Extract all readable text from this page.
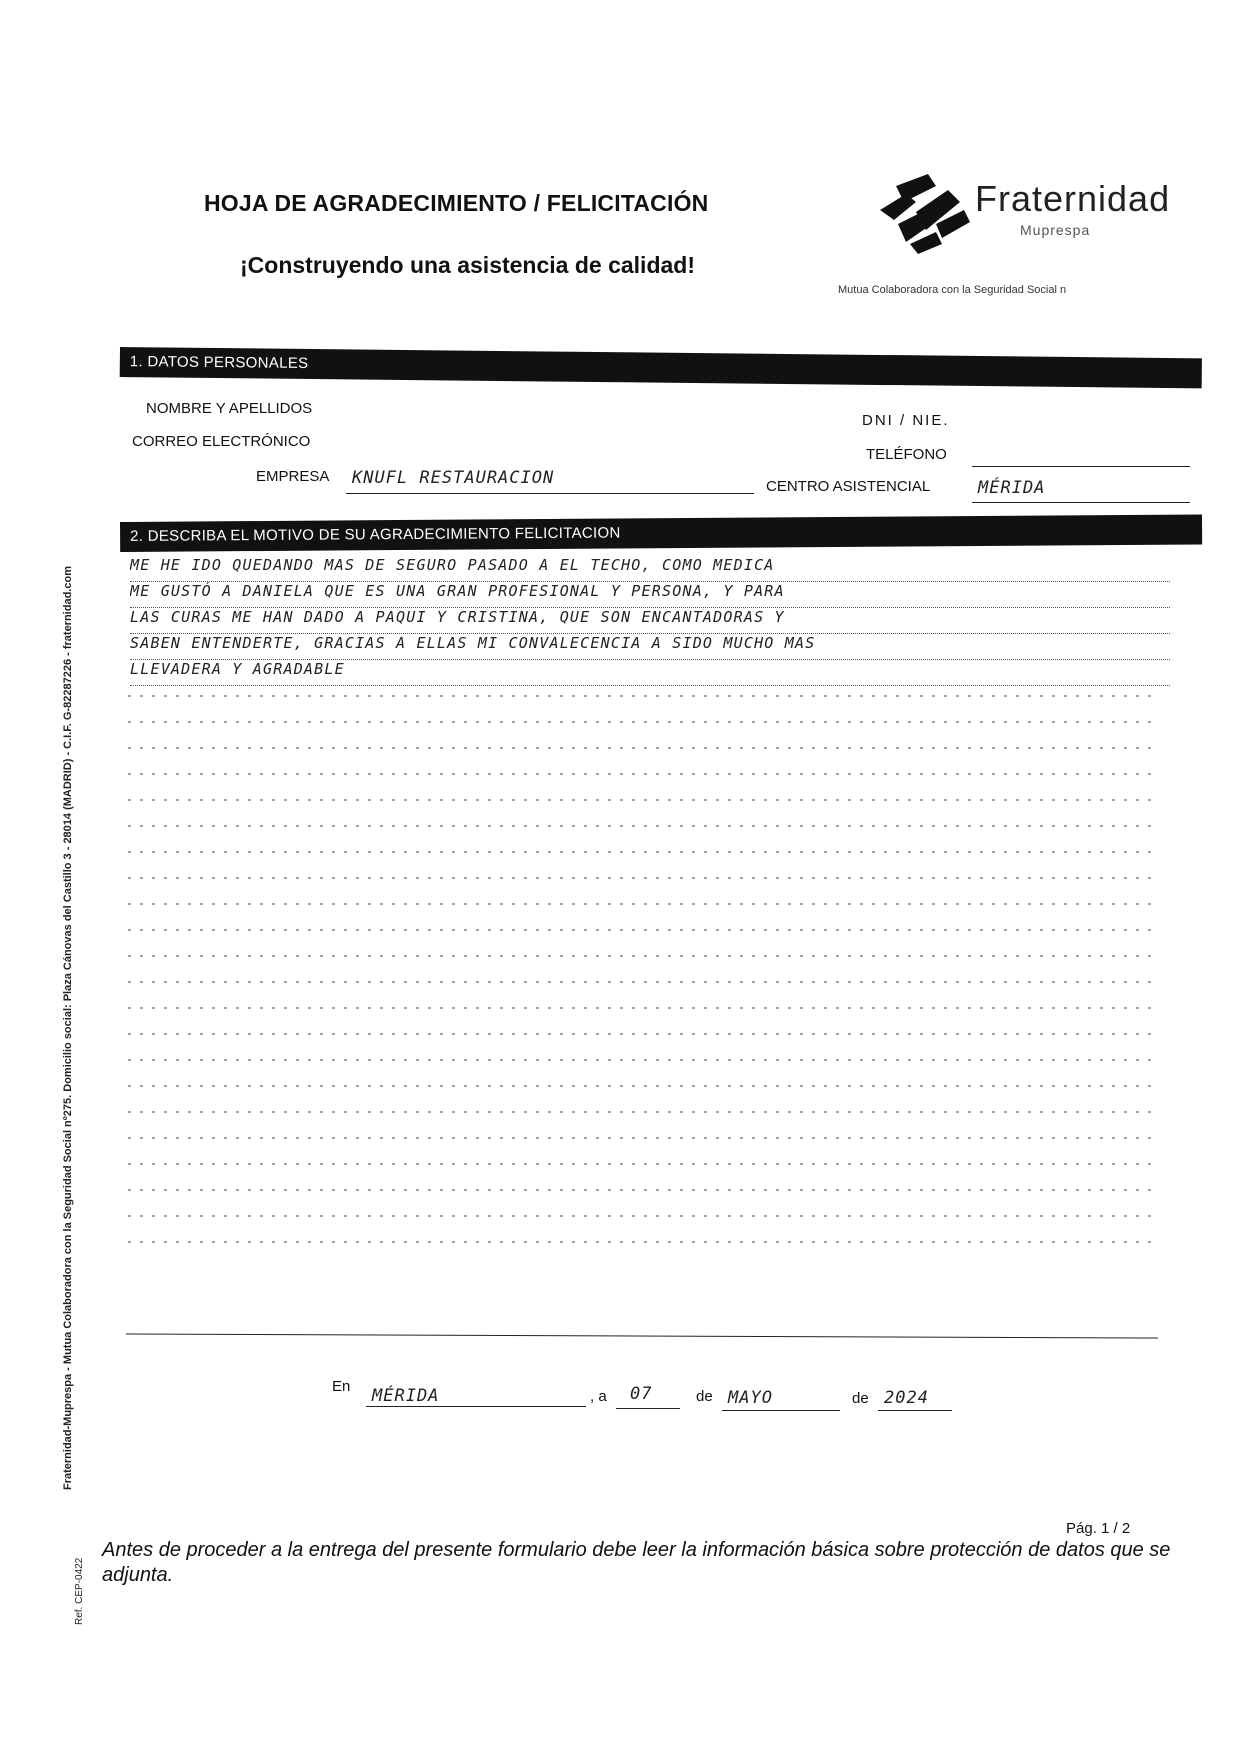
HOJA DE AGRADECIMIENTO / FELICITACIÓN
¡Construyendo una asistencia de calidad!
Fraternidad
Muprespa
Mutua Colaboradora con la Seguridad Social n
1. DATOS PERSONALES
NOMBRE Y APELLIDOS
CORREO ELECTRÓNICO
EMPRESA KNUFL RESTAURACION
DNI / NIE.
TELÉFONO
CENTRO ASISTENCIAL	MÉRIDA
2. DESCRIBA EL MOTIVO DE SU AGRADECIMIENTO FELICITACION
ME HE IDO QUEDANDO MAS DE SEGURO PASADO A EL TECHO, COMO MEDICA
ME GUSTÓ A DANIELA QUE ES UNA GRAN PROFESIONAL Y PERSONA, Y PARA
LAS CURAS ME HAN DADO A PAQUI Y CRISTINA, QUE SON ENCANTADORAS Y
SABEN ENTENDERTE, GRACIAS A ELLAS MI CONVALECENCIA A SIDO MUCHO MAS
LLEVADERA Y AGRADABLE
En MÉRIDA	, a 07	de MAYO	de 2024
Fraternidad-Muprespa - Mutua Colaboradora con la Seguridad Social nº275. Domicilio social: Plaza Cánovas del Castillo 3 - 28014 (MADRID) - C.I.F. G-82287226 - fraternidad.com
Ref. CEP-0422
Pág. 1 / 2
Antes de proceder a la entrega del presente formulario debe leer la información básica sobre protección de datos que se adjunta.
